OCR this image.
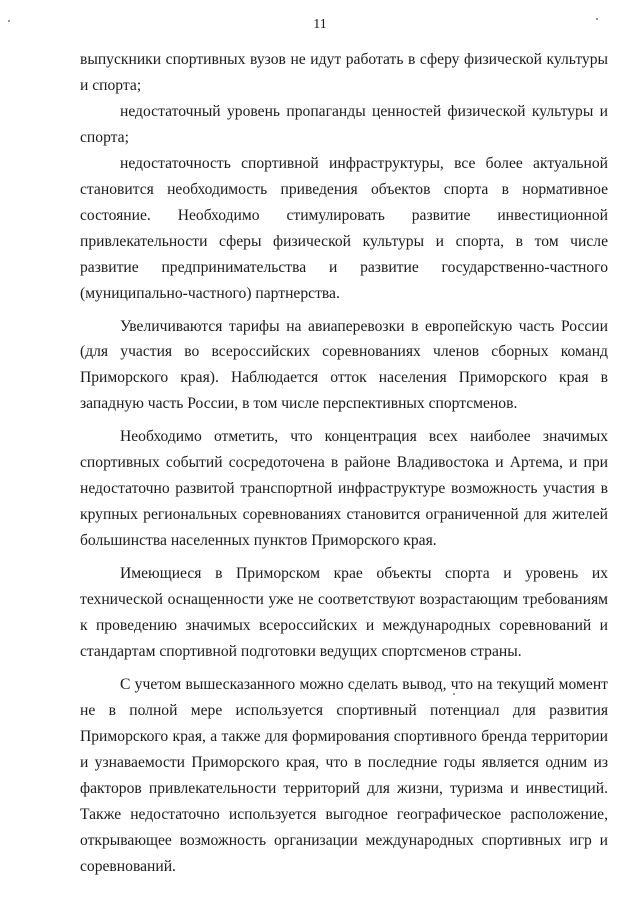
11

выпускники спортивных вузов не идут работать в сферу физической культуры и спорта;

недостаточный уровень пропаганды ценностей физической культуры и спорта;

недостаточность спортивной инфраструктуры, все более актуальной становится необходимость приведения объектов спорта в нормативное состояние. Необходимо стимулировать развитие инвестиционной привлекательности сферы физической культуры и спорта, в том числе развитие предпринимательства и развитие государственно-частного (муниципально-частного) партнерства.

Увеличиваются тарифы на авиаперевозки в европейскую часть России (для участия во всероссийских соревнованиях членов сборных команд Приморского края). Наблюдается отток населения Приморского края в западную часть России, в том числе перспективных спортсменов.

Необходимо отметить, что концентрация всех наиболее значимых спортивных событий сосредоточена в районе Владивостока и Артема, и при недостаточно развитой транспортной инфраструктуре возможность участия в крупных региональных соревнованиях становится ограниченной для жителей большинства населенных пунктов Приморского края.

Имеющиеся в Приморском крае объекты спорта и уровень их технической оснащенности уже не соответствуют возрастающим требованиям к проведению значимых всероссийских и международных соревнований и стандартам спортивной подготовки ведущих спортсменов страны.

С учетом вышесказанного можно сделать вывод, что на текущий момент не в полной мере используется спортивный потенциал для развития Приморского края, а также для формирования спортивного бренда территории и узнаваемости Приморского края, что в последние годы является одним из факторов привлекательности территорий для жизни, туризма и инвестиций. Также недостаточно используется выгодное географическое расположение, открывающее возможность организации международных спортивных игр и соревнований.
